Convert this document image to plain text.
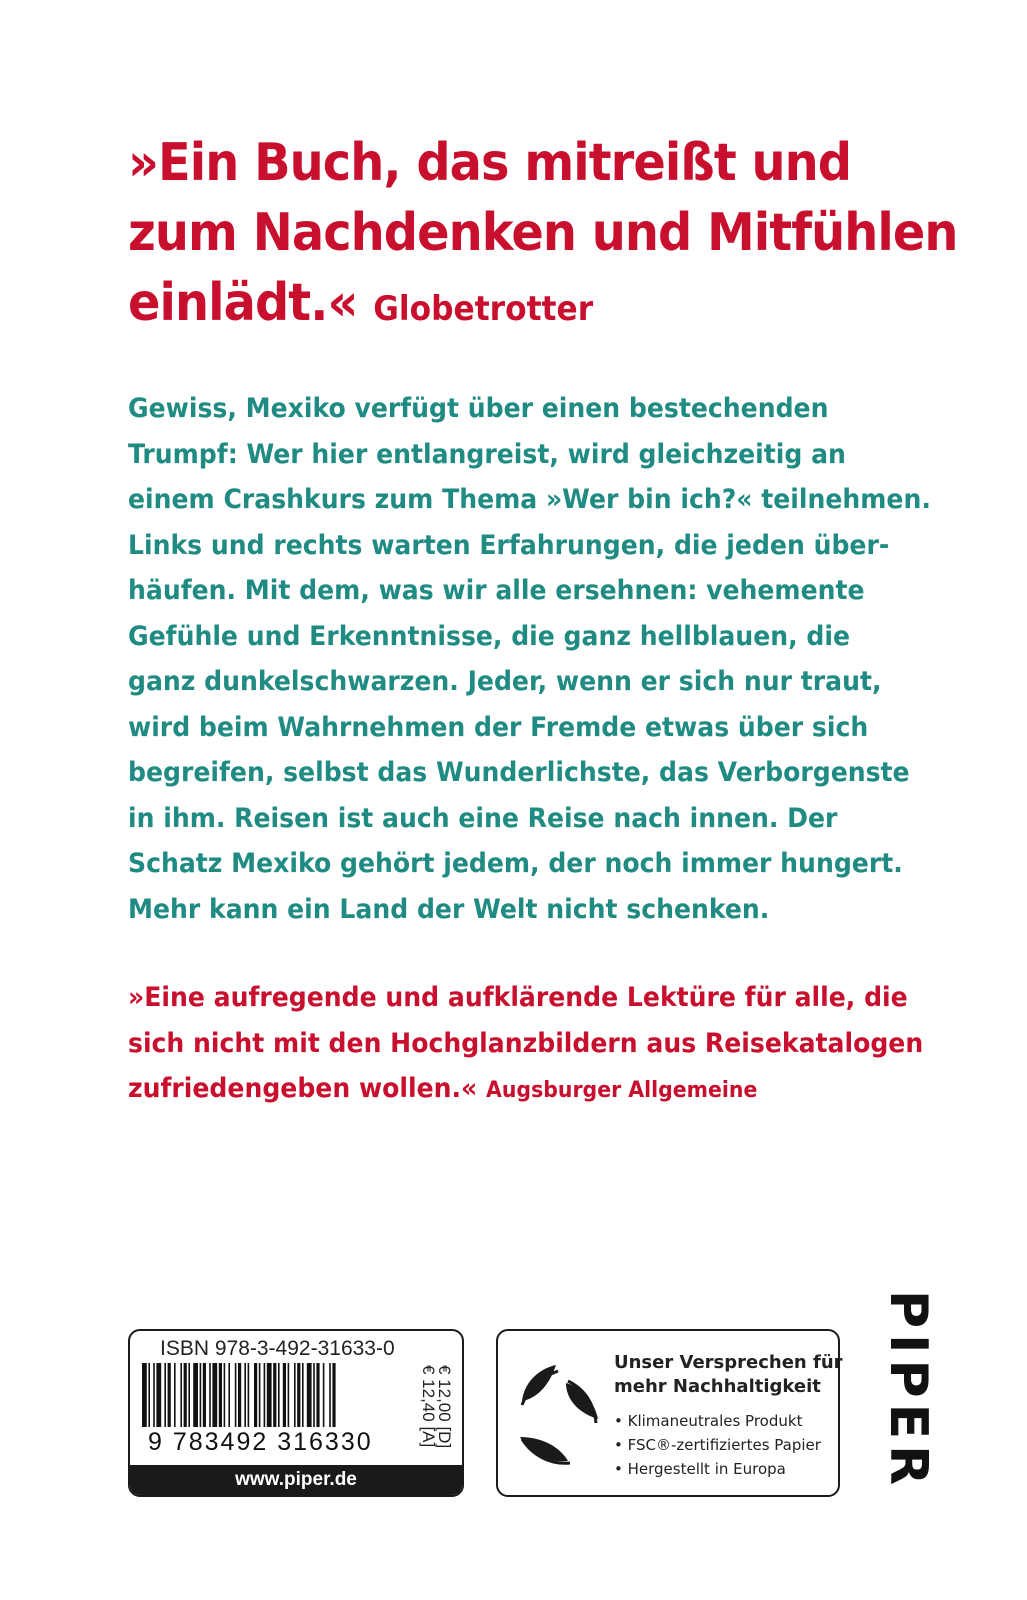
»Ein Buch, das mitreißt und
zum Nachdenken und Mitfühlen
einlädt.« Globetrotter
Gewiss, Mexiko verfügt über einen bestechenden
Trumpf: Wer hier entlangreist, wird gleichzeitig an
einem Crashkurs zum Thema »Wer bin ich?« teilnehmen.
Links und rechts warten Erfahrungen, die jeden über-
häufen. Mit dem, was wir alle ersehnen: vehemente
Gefühle und Erkenntnisse, die ganz hellblauen, die
ganz dunkelschwarzen. Jeder, wenn er sich nur traut,
wird beim Wahrnehmen der Fremde etwas über sich
begreifen, selbst das Wunderlichste, das Verborgenste
in ihm. Reisen ist auch eine Reise nach innen. Der
Schatz Mexiko gehört jedem, der noch immer hungert.
Mehr kann ein Land der Welt nicht schenken.
»Eine aufregende und aufklärende Lektüre für alle, die
sich nicht mit den Hochglanzbildern aus Reisekatalogen
zufriedengeben wollen.« Augsburger Allgemeine
ISBN 978-3-492-31633-0
9 783492 316330	€ 12,00 [D]
€ 12,40 [A]
www.piper.de
Unser Versprechen für
mehr Nachhaltigkeit
• Klimaneutrales Produkt
• FSC®-zertifiziertes Papier
• Hergestellt in Europa	PIPER
